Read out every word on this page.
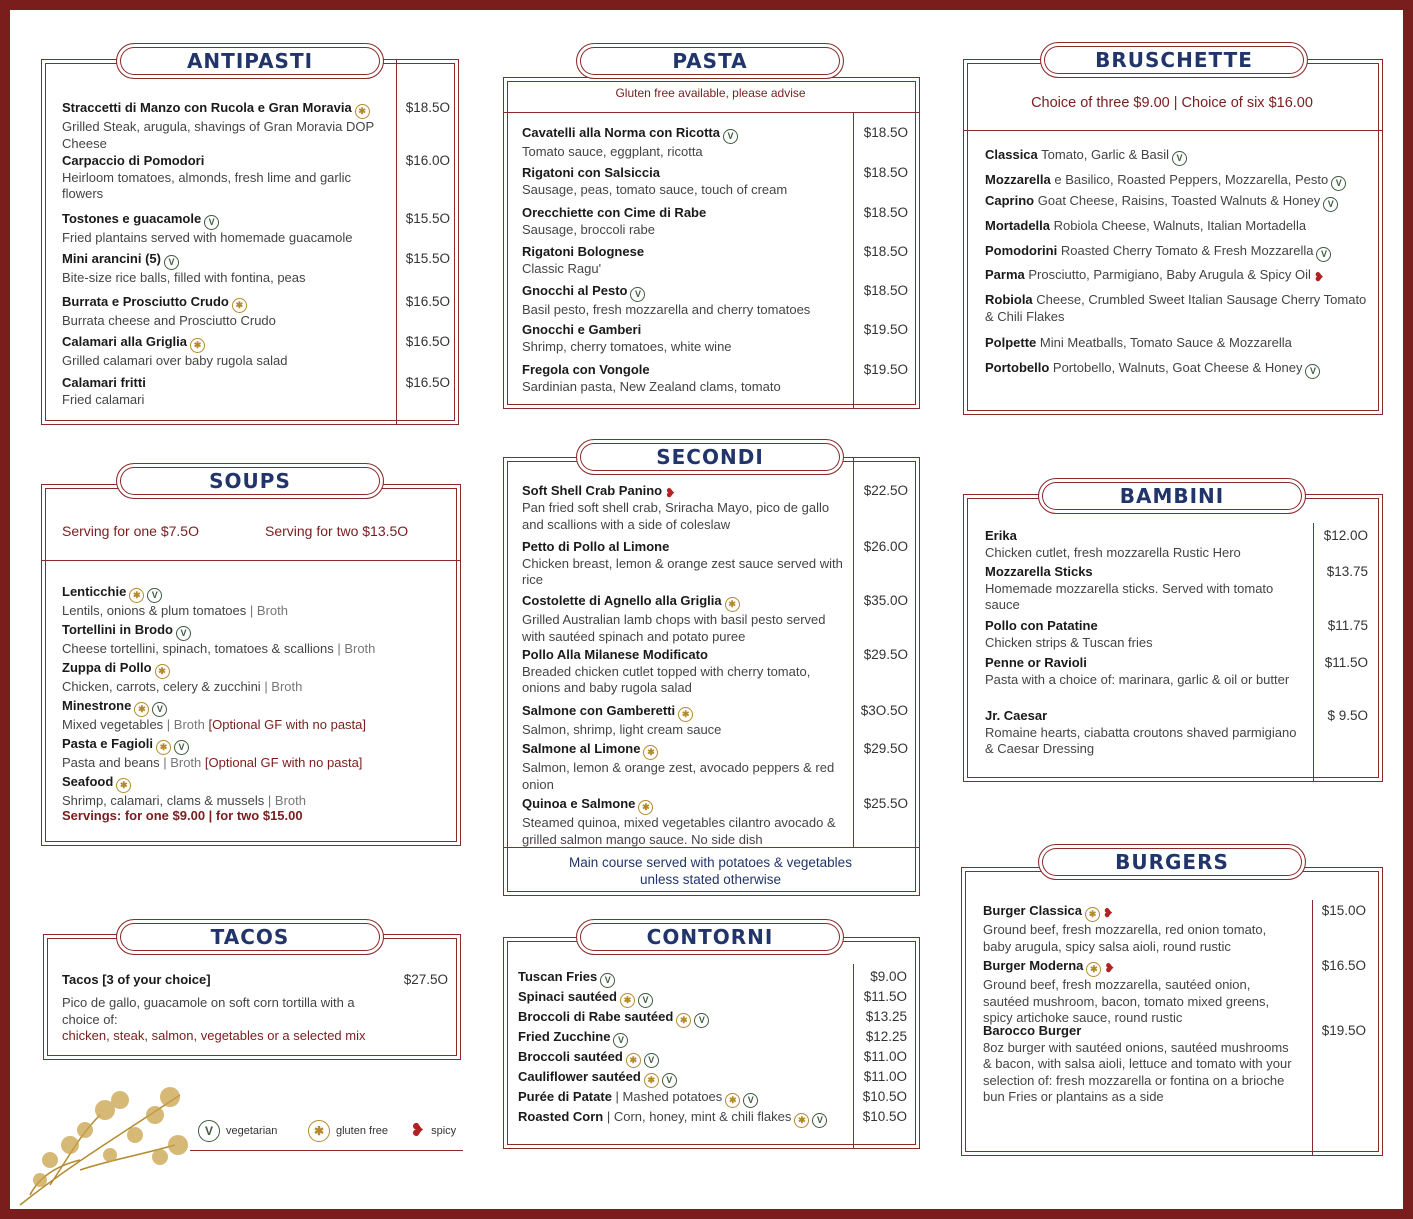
ANTIPASTI	PASTA
Gluten free available, please advise
BRUSCHETTE
Choice of three $9.00 | Choice of six $16.00
SOUPS
Serving for one $7.5O	Serving for two $13.5O
SECONDI
Main course served with potatoes & vegetables
unless stated otherwise
BAMBINI
TACOS
Tacos [3 of your choice]	$27.5O
Pico de gallo, guacamole on soft corn tortilla with a choice of:
chicken, steak, salmon, vegetables or a selected mix
CONTORNI
BURGERS
V	vegetarian	✱	gluten free ❥ spicy
Straccetti di Manzo con Rucola e Gran Moravia ✱
Grilled Steak, arugula, shavings of Gran Moravia DOP Cheese
$18.5O
Carpaccio di Pomodori
Heirloom tomatoes, almonds, fresh lime and garlic flowers
$16.0O
Tostones e guacamole V
Fried plantains served with homemade guacamole
$15.5O
Mini arancini (5) V
Bite-size rice balls, filled with fontina, peas
$15.5O
Burrata e Prosciutto Crudo ✱
Burrata cheese and Prosciutto Crudo
$16.5O
Calamari alla Griglia ✱
Grilled calamari over baby rugola salad
$16.5O
Calamari fritti
Fried calamari
$16.5O
Cavatelli alla Norma con Ricotta V
Tomato sauce, eggplant, ricotta
$18.5O
Rigatoni con Salsiccia
Sausage, peas, tomato sauce, touch of cream
$18.5O
Orecchiette con Cime di Rabe
Sausage, broccoli rabe
$18.5O
Rigatoni Bolognese
Classic Ragu'
$18.5O
Gnocchi al Pesto V
Basil pesto, fresh mozzarella and cherry tomatoes
$18.5O
Gnocchi e Gamberi
Shrimp, cherry tomatoes, white wine
$19.5O
Fregola con Vongole
Sardinian pasta, New Zealand clams, tomato
$19.5O
Classica Tomato, Garlic & Basil V
Mozzarella e Basilico, Roasted Peppers, Mozzarella, Pesto V
Caprino Goat Cheese, Raisins, Toasted Walnuts & Honey V
Mortadella Robiola Cheese, Walnuts, Italian Mortadella
Pomodorini Roasted Cherry Tomato & Fresh Mozzarella V
Parma Prosciutto, Parmigiano, Baby Arugula & Spicy Oil ❥
Robiola Cheese, Crumbled Sweet Italian Sausage Cherry Tomato & Chili Flakes
Polpette Mini Meatballs, Tomato Sauce & Mozzarella
Portobello Portobello, Walnuts, Goat Cheese & Honey V
Soft Shell Crab Panino ❥
Pan fried soft shell crab, Sriracha Mayo, pico de gallo and scallions with a side of coleslaw
$22.5O
Petto di Pollo al Limone
Chicken breast, lemon & orange zest sauce served with rice
$26.0O
Costolette di Agnello alla Griglia ✱
Grilled Australian lamb chops with basil pesto served with sautéed spinach and potato puree
$35.0O
Pollo Alla Milanese Modificato
Breaded chicken cutlet topped with cherry tomato, onions and baby rugola salad
$29.5O
Salmone con Gamberetti ✱
Salmon, shrimp, light cream sauce
$3O.5O
Salmone al Limone ✱
Salmon, lemon & orange zest, avocado peppers & red onion
$29.5O
Quinoa e Salmone ✱
Steamed quinoa, mixed vegetables cilantro avocado & grilled salmon mango sauce. No side dish
$25.5O
Erika
Chicken cutlet, fresh mozzarella Rustic Hero
$12.0O
Mozzarella Sticks
Homemade mozzarella sticks. Served with tomato sauce
$13.75
Pollo con Patatine
Chicken strips & Tuscan fries
$11.75
Penne or Ravioli
Pasta with a choice of: marinara, garlic & oil or butter
$11.5O
Jr. Caesar
Romaine hearts, ciabatta croutons shaved parmigiano & Caesar Dressing
$ 9.5O
Burger Classica ✱ ❥
Ground beef, fresh mozzarella, red onion tomato, baby arugula, spicy salsa aioli, round rustic
$15.0O
Burger Moderna ✱ ❥
Ground beef, fresh mozzarella, sautéed onion, sautéed mushroom, bacon, tomato mixed greens, spicy artichoke sauce, round rustic
$16.5O
Barocco Burger
8oz burger with sautéed onions, sautéed mushrooms & bacon, with salsa aioli, lettuce and tomato with your selection of: fresh mozzarella or fontina on a brioche bun Fries or plantains as a side
$19.5O
Tuscan Fries V	$9.0O
Spinaci sautéed ✱ V	$11.5O
Broccoli di Rabe sautéed ✱ V	$13.25
Fried Zucchine V	$12.25
Broccoli sautéed ✱ V	$11.0O
Cauliflower sautéed ✱ V	$11.0O
Purée di Patate | Mashed potatoes ✱ V	$10.5O
Roasted Corn | Corn, honey, mint & chili flakes ✱ V	$10.5O
Lenticchie ✱ V
Lentils, onions & plum tomatoes | Broth
Tortellini in Brodo V
Cheese tortellini, spinach, tomatoes & scallions | Broth
Zuppa di Pollo ✱
Chicken, carrots, celery & zucchini | Broth
Minestrone ✱ V
Mixed vegetables | Broth [Optional GF with no pasta]
Pasta e Fagioli ✱ V
Pasta and beans | Broth [Optional GF with no pasta]
Seafood ✱
Shrimp, calamari, clams & mussels | Broth
Servings: for one $9.00 | for two $15.00
